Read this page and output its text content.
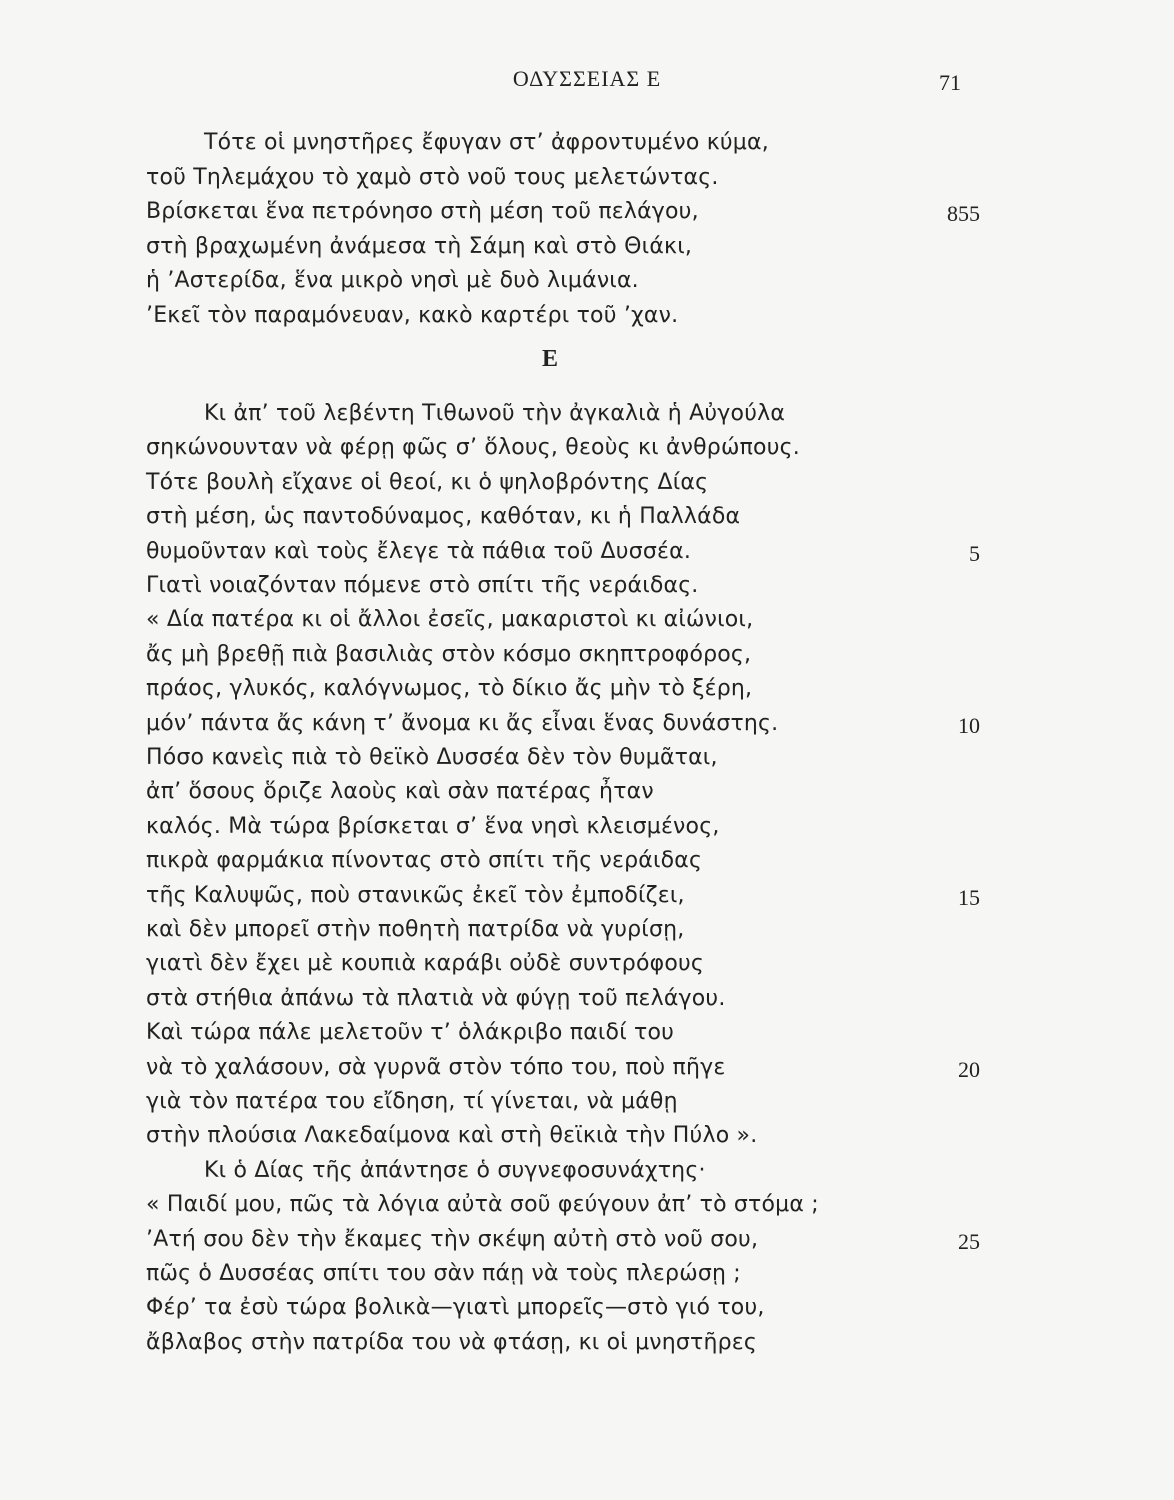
ΟΔΥΣΣΕΙΑΣ Ε	71
Τότε οἱ μνηστῆρες ἔφυγαν στ’ ἀφροντυμένο κύμα,
τοῦ Τηλεμάχου τὸ χαμὸ στὸ νοῦ τους μελετώντας.
Βρίσκεται ἕνα πετρόνησο στὴ μέση τοῦ πελάγου,	855
στὴ βραχωμένη ἀνάμεσα τὴ Σάμη καὶ στὸ Θιάκι,
ἡ ’Αστερίδα, ἕνα μικρὸ νησὶ μὲ δυὸ λιμάνια.
’Εκεῖ τὸν παραμόνευαν, κακὸ καρτέρι τοῦ ’χαν.
Ε
Κι ἀπ’ τοῦ λεβέντη Τιθωνοῦ τὴν ἀγκαλιὰ ἡ Αὐγούλα
σηκώνουνταν νὰ φέρῃ φῶς σ’ ὅλους, θεοὺς κι ἀνθρώπους.
Τότε βουλὴ εἴχανε οἱ θεοί, κι ὁ ψηλοβρόντης Δίας
στὴ μέση, ὡς παντοδύναμος, καθόταν, κι ἡ Παλλάδα
θυμοῦνταν καὶ τοὺς ἔλεγε τὰ πάθια τοῦ Δυσσέα.	5
Γιατὶ νοιαζόνταν πόμενε στὸ σπίτι τῆς νεράιδας.
« Δία πατέρα κι οἱ ἄλλοι ἐσεῖς, μακαριστοὶ κι αἰώνιοι,
ἄς μὴ βρεθῇ πιὰ βασιλιὰς στὸν κόσμο σκηπτροφόρος,
πράος, γλυκός, καλόγνωμος, τὸ δίκιο ἄς μὴν τὸ ξέρη,
μόν’ πάντα ἄς κάνη τ’ ἄνομα κι ἄς εἶναι ἕνας δυνάστης.	10
Πόσο κανεὶς πιὰ τὸ θεϊκὸ Δυσσέα δὲν τὸν θυμᾶται,
ἀπ’ ὅσους ὅριζε λαοὺς καὶ σὰν πατέρας ἦταν
καλός. Μὰ τώρα βρίσκεται σ’ ἕνα νησὶ κλεισμένος,
πικρὰ φαρμάκια πίνοντας στὸ σπίτι τῆς νεράιδας
τῆς Καλυψῶς, ποὺ στανικῶς ἐκεῖ τὸν ἐμποδίζει,	15
καὶ δὲν μπορεῖ στὴν ποθητὴ πατρίδα νὰ γυρίσῃ,
γιατὶ δὲν ἔχει μὲ κουπιὰ καράβι οὐδὲ συντρόφους
στὰ στήθια ἀπάνω τὰ πλατιὰ νὰ φύγῃ τοῦ πελάγου.
Καὶ τώρα πάλε μελετοῦν τ’ ὁλάκριβο παιδί του
νὰ τὸ χαλάσουν, σὰ γυρνᾶ στὸν τόπο του, ποὺ πῆγε	20
γιὰ τὸν πατέρα του εἴδηση, τί γίνεται, νὰ μάθῃ
στὴν πλούσια Λακεδαίμονα καὶ στὴ θεϊκιὰ τὴν Πύλο ».
Κι ὁ Δίας τῆς ἀπάντησε ὁ συγνεφοσυνάχτης·
« Παιδί μου, πῶς τὰ λόγια αὐτὰ σοῦ φεύγουν ἀπ’ τὸ στόμα ;
’Ατή σου δὲν τὴν ἔκαμες τὴν σκέψη αὐτὴ στὸ νοῦ σου,	25
πῶς ὁ Δυσσέας σπίτι του σὰν πάῃ νὰ τοὺς πλερώσῃ ;
Φέρ’ τα ἐσὺ τώρα βολικὰ—γιατὶ μπορεῖς—στὸ γιό του,
ἄβλαβος στὴν πατρίδα του νὰ φτάσῃ, κι οἱ μνηστῆρες
